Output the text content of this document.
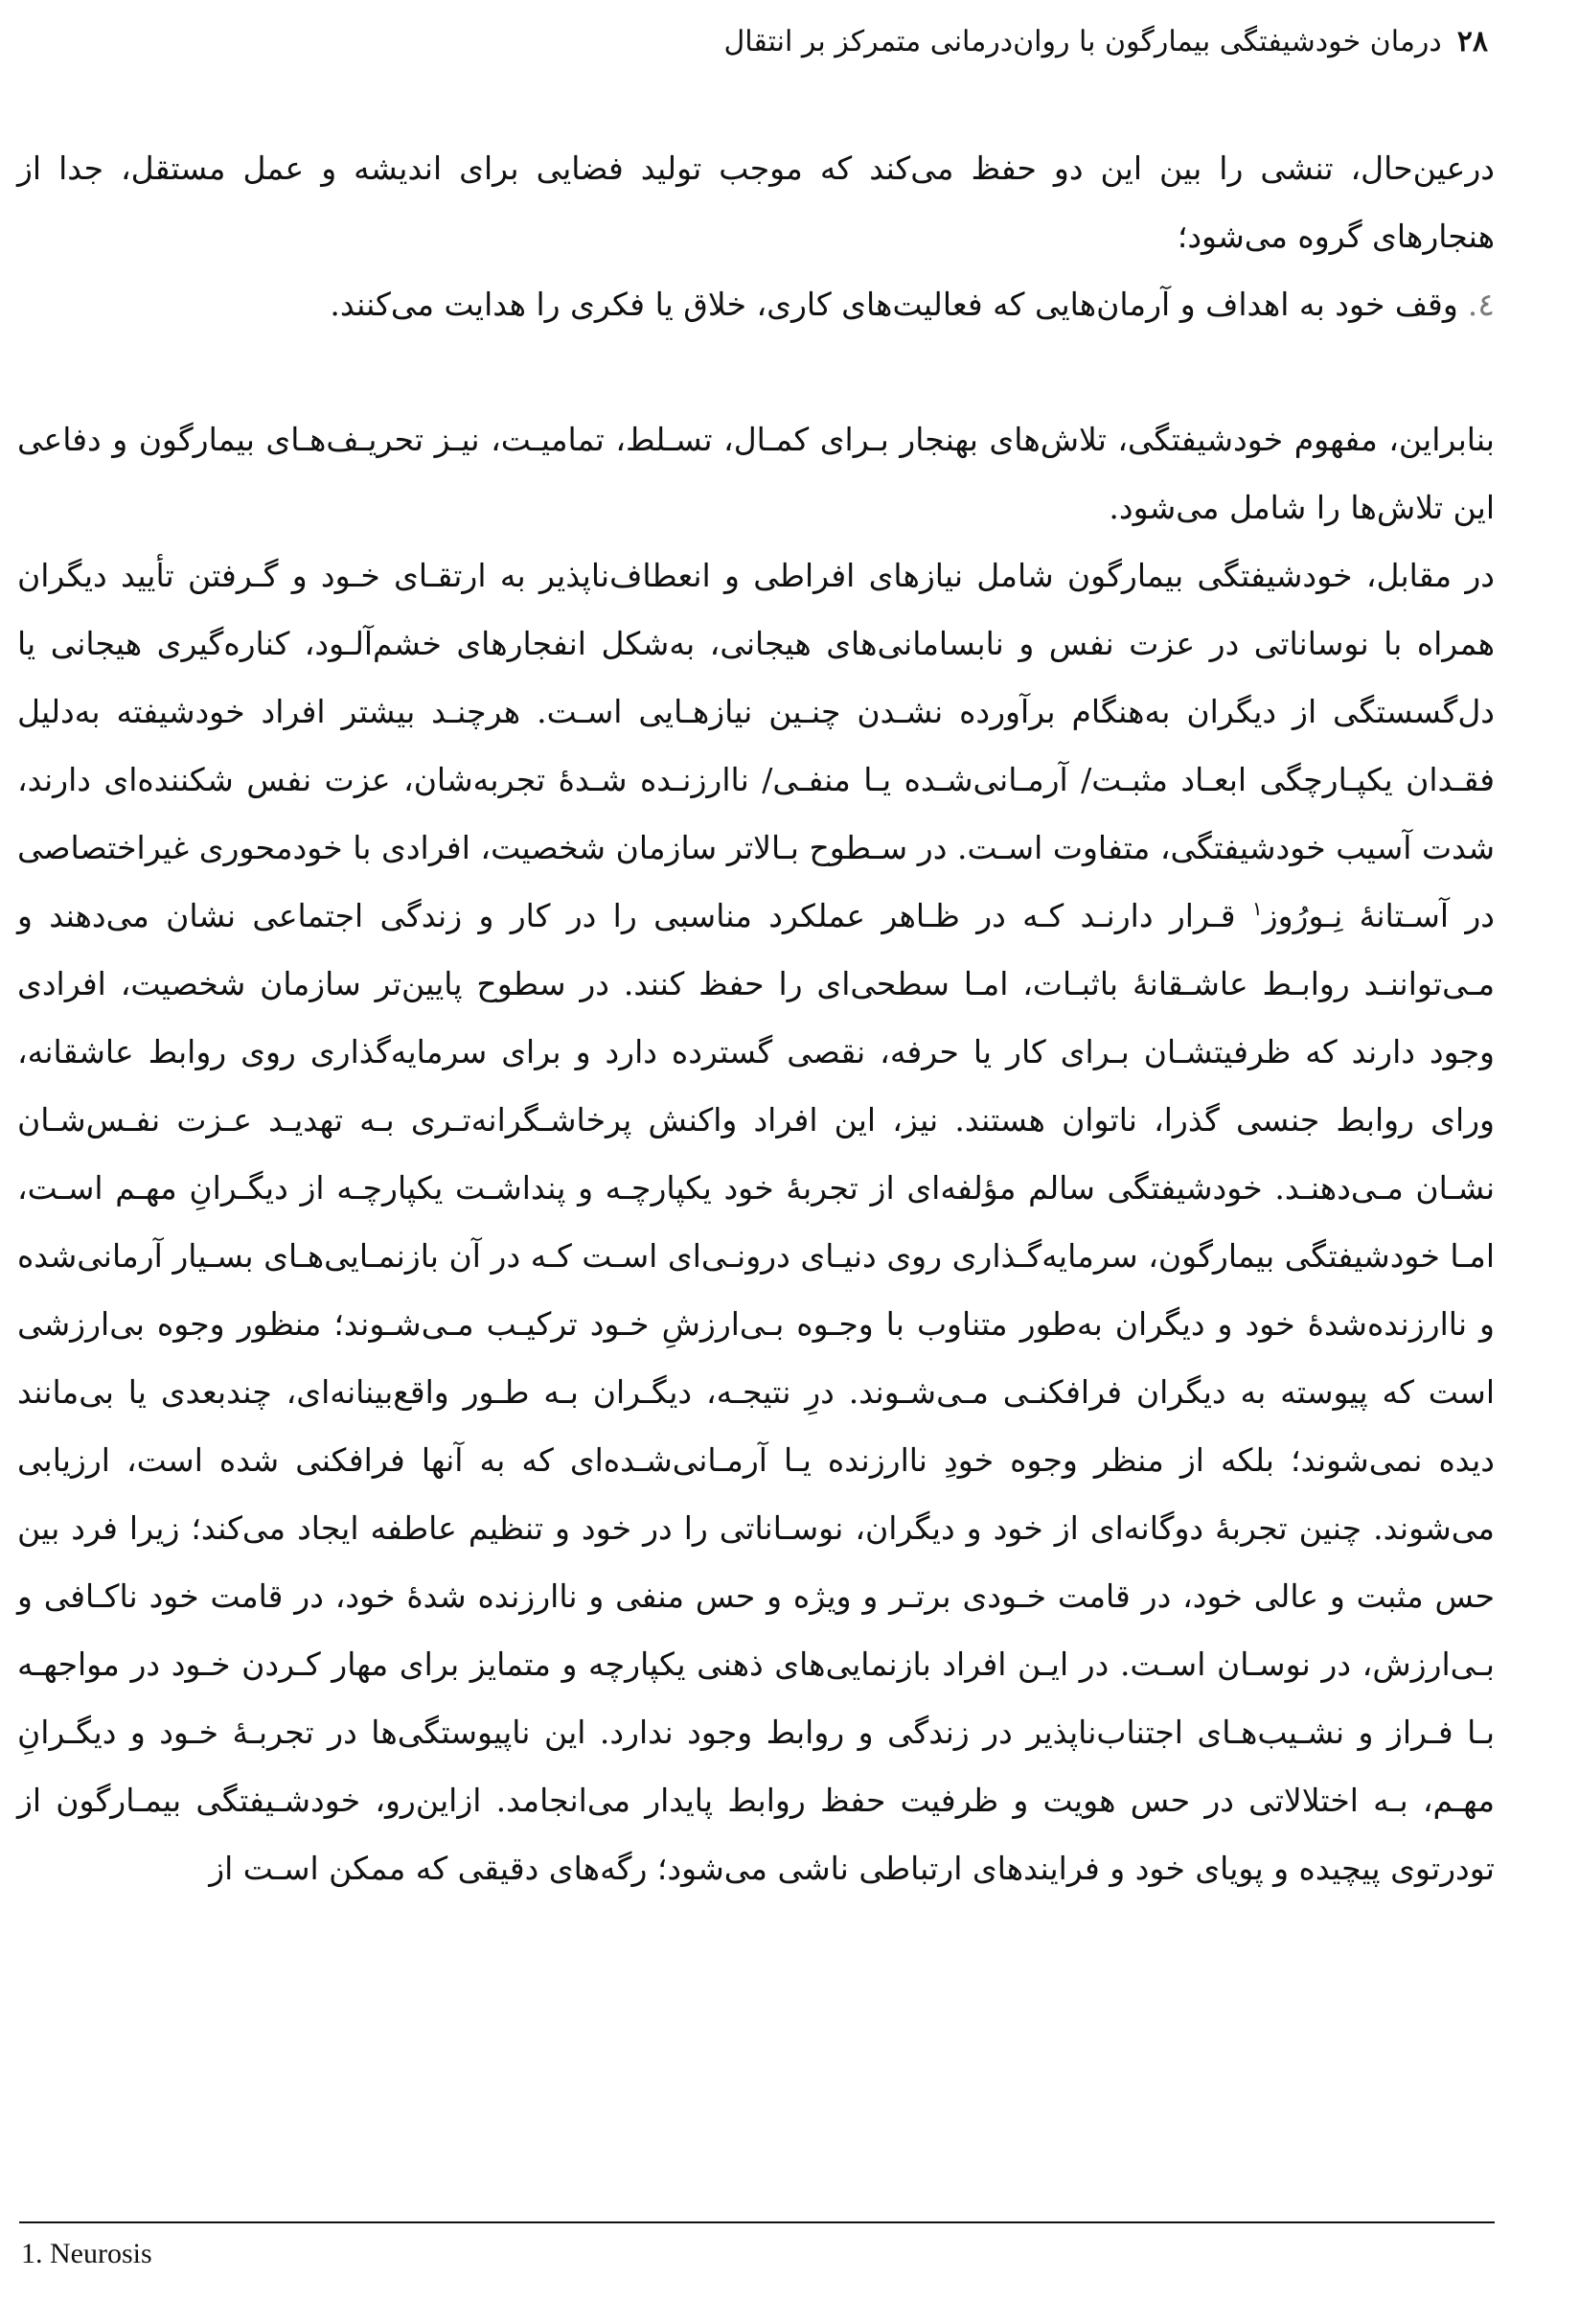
۲۸درمان خودشیفتگی بیمارگون با روان‌درمانی متمرکز بر انتقال

درعین‌حال، تنشی را بین این دو حفظ می‌کند که موجب تولید فضایی برای اندیشه و عمل مستقل، جدا از هنجارهای گروه می‌شود؛

٤.وقف خود به اهداف و آرمان‌هایی که فعالیت‌های کاری، خلاق یا فکری را هدایت می‌کنند.

بنابراین، مفهوم خودشیفتگی، تلاش‌های بهنجار بـرای کمـال، تسـلط، تمامیـت، نیـز تحریـف‌هـای بیمارگون و دفاعی این تلاش‌ها را شامل می‌شود.

در مقابل، خودشیفتگی بیمارگون شامل نیازهای افراطی و انعطاف‌ناپذیر به ارتقـای خـود و گـرفتن تأیید دیگران همراه با نوساناتی در عزت نفس و نابسامانی‌های هیجانی، به‌شکل انفجارهای خشم‌آلـود، کناره‌گیری هیجانی یا دل‌گسستگی از دیگران به‌هنگام برآورده نشـدن چنـین نیازهـایی اسـت. هرچنـد بیشتر افراد خودشیفته به‌دلیل فقـدان یکپـارچگی ابعـاد مثبـت/ آرمـانی‌شـده یـا منفـی/ ناارزنـده شـدۀ تجربه‌شان، عزت نفس شکننده‌ای دارند، شدت آسیب خودشیفتگی، متفاوت اسـت. در سـطوح بـالاتر سازمان شخصیت، افرادی با خودمحوری غیراختصاصی در آسـتانۀ نِـورُوز$^١$ قـرار دارنـد کـه در ظـاهر عملکرد مناسبی را در کار و زندگی اجتماعی نشان می‌دهند و مـی‌تواننـد روابـط عاشـقانۀ باثبـات، امـا سطحی‌ای را حفظ کنند. در سطوح پایین‌تر سازمان شخصیت، افرادی وجود دارند که ظرفیتشـان بـرای کار یا حرفه، نقصی گسترده دارد و برای سرمایه‌گذاری روی روابط عاشقانه، ورای روابط جنسی گذرا، ناتوان هستند. نیز، این افراد واکنش پرخاشـگرانه‌تـری بـه تهدیـد عـزت نفـس‌شـان نشـان مـی‌دهنـد. خودشیفتگی سالم مؤلفه‌ای از تجربۀ خود یکپارچـه و پنداشـت یکپارچـه از دیگـرانِ مهـم اسـت، امـا خودشیفتگی بیمارگون، سرمایه‌گـذاری روی دنیـای درونـی‌ای اسـت کـه در آن بازنمـایی‌هـای بسـیار آرمانی‌شده و ناارزنده‌شدۀ خود و دیگران به‌طور متناوب با وجـوه بـی‌ارزشِ خـود ترکیـب مـی‌شـوند؛ منظور وجوه بی‌ارزشی است که پیوسته به دیگران فرافکنـی مـی‌شـوند. درِ نتیجـه، دیگـران بـه طـور واقع‌بینانه‌ای، چندبعدی یا بی‌مانند دیده نمی‌شوند؛ بلکه از منظر وجوه خودِ ناارزنده یـا آرمـانی‌شـده‌ای که به آنها فرافکنی شده است، ارزیابی می‌شوند. چنین تجربۀ دوگانه‌ای از خود و دیگران، نوسـاناتی را در خود و تنظیم عاطفه ایجاد می‌کند؛ زیرا فرد بین حس مثبت و عالی خود، در قامت خـودی برتـر و ویژه و حس منفی و ناارزنده شدۀ خود، در قامت خود ناکـافی و بـی‌ارزش، در نوسـان اسـت. در ایـن افراد بازنمایی‌های ذهنی یکپارچه و متمایز برای مهار کـردن خـود در مواجهـه بـا فـراز و نشـیب‌هـای اجتناب‌ناپذیر در زندگی و روابط وجود ندارد. این ناپیوستگی‌ها در تجربـۀ خـود و دیگـرانِ مهـم، بـه اختلالاتی در حس هویت و ظرفیت حفظ روابط پایدار می‌انجامد. ازاین‌رو، خودشـیفتگی بیمـارگون از تودرتوی پیچیده و پویای خود و فرایندهای ارتباطی ناشی می‌شود؛ رگه‌های دقیقی که ممکن اسـت از

1. Neurosis
